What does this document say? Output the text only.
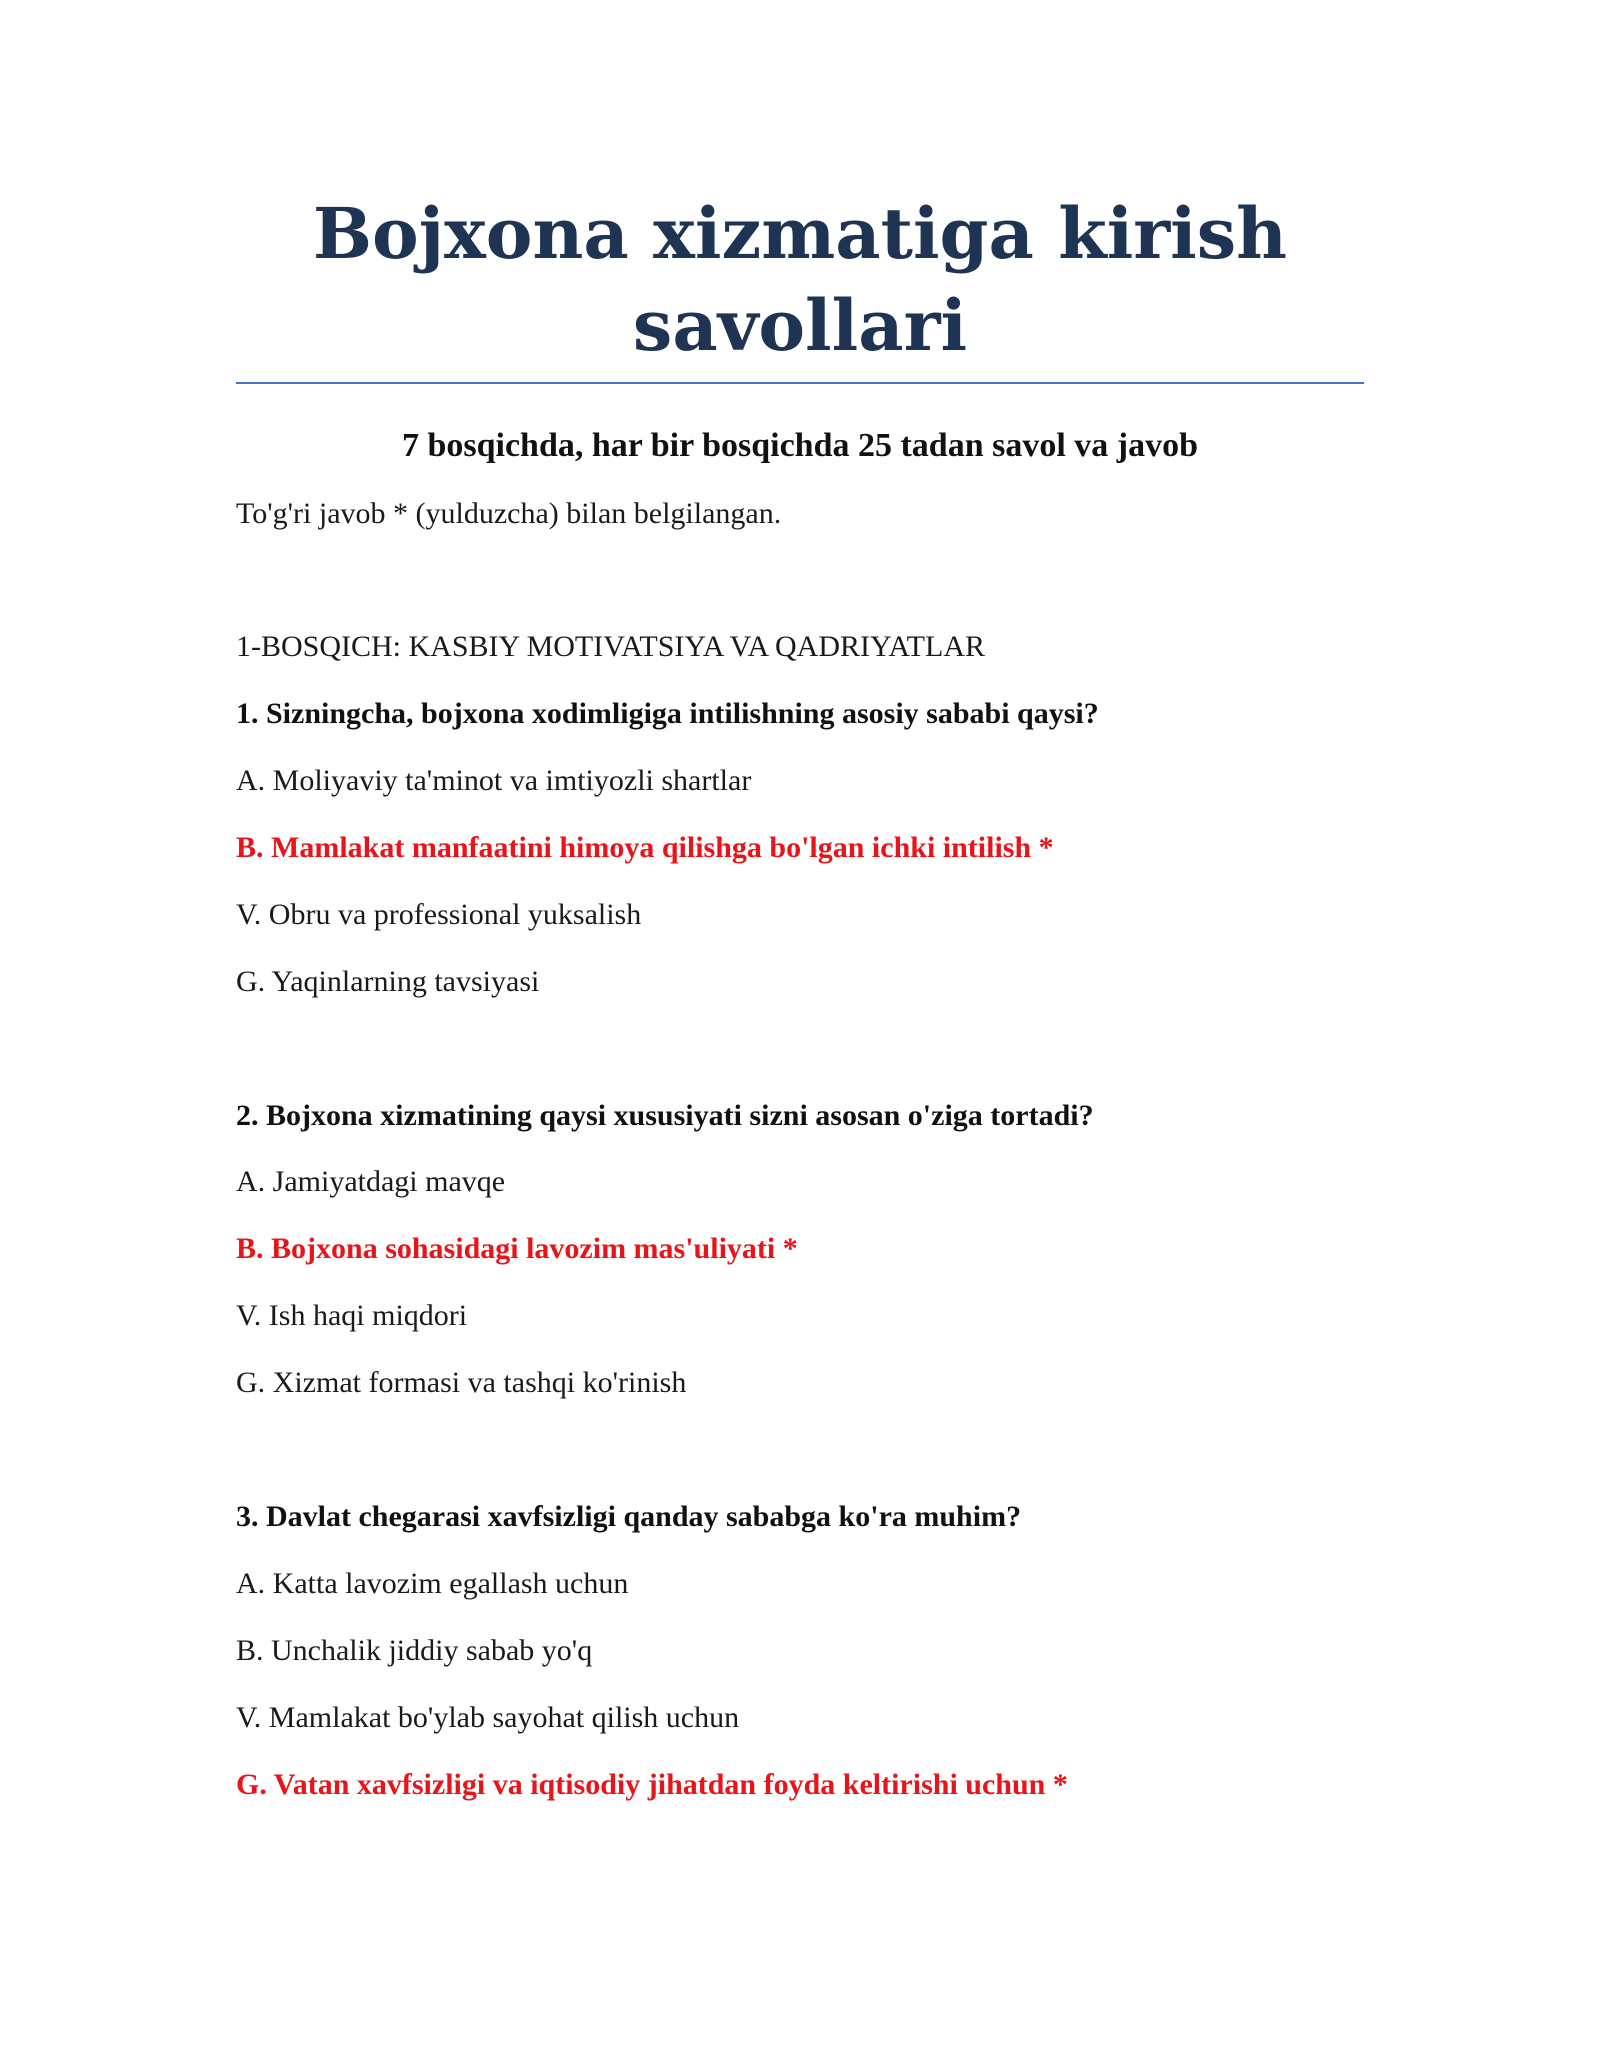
Bojxona xizmatiga kirish
savollari
7 bosqichda, har bir bosqichda 25 tadan savol va javob
To'g'ri javob * (yulduzcha) bilan belgilangan.
1-BOSQICH: KASBIY MOTIVATSIYA VA QADRIYATLAR
1. Sizningcha, bojxona xodimligiga intilishning asosiy sababi qaysi?
A. Moliyaviy ta'minot va imtiyozli shartlar
B. Mamlakat manfaatini himoya qilishga bo'lgan ichki intilish *
V. Obru va professional yuksalish
G. Yaqinlarning tavsiyasi
2. Bojxona xizmatining qaysi xususiyati sizni asosan o'ziga tortadi?
A. Jamiyatdagi mavqe
B. Bojxona sohasidagi lavozim mas'uliyati *
V. Ish haqi miqdori
G. Xizmat formasi va tashqi ko'rinish
3. Davlat chegarasi xavfsizligi qanday sababga ko'ra muhim?
A. Katta lavozim egallash uchun
B. Unchalik jiddiy sabab yo'q
V. Mamlakat bo'ylab sayohat qilish uchun
G. Vatan xavfsizligi va iqtisodiy jihatdan foyda keltirishi uchun *
